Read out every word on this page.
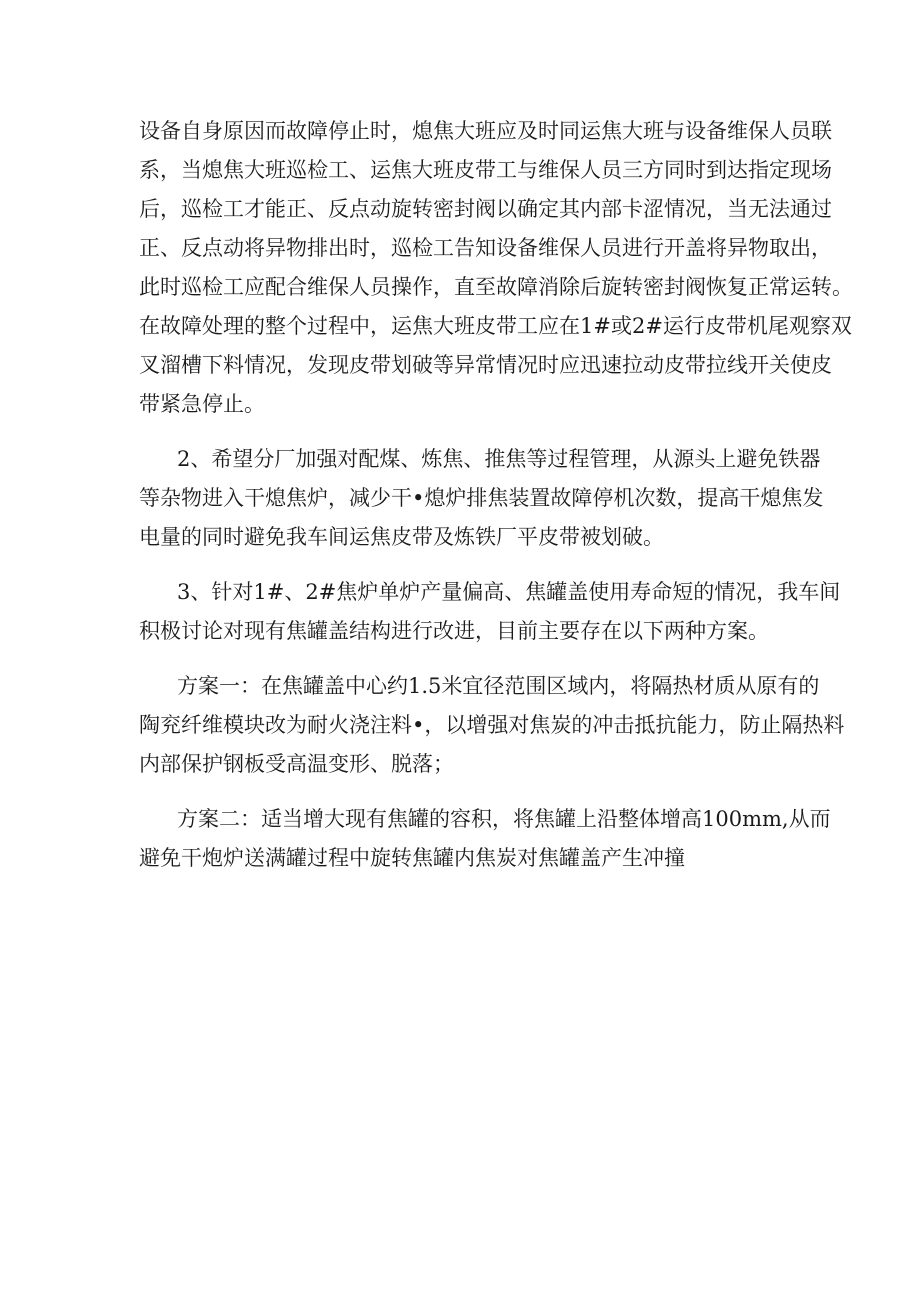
设备自身原因而故障停止时，熄焦大班应及时同运焦大班与设备维保人员联
系，当熄焦大班巡检工、运焦大班皮带工与维保人员三方同时到达指定现场
后，巡检工才能正、反点动旋转密封阀以确定其内部卡涩情况，当无法通过
正、反点动将异物排出时，巡检工告知设备维保人员进行开盖将异物取出，
此时巡检工应配合维保人员操作，直至故障消除后旋转密封阀恢复正常运转。
在故障处理的整个过程中，运焦大班皮带工应在1#或2#运行皮带机尾观察双
叉溜槽下料情况，发现皮带划破等异常情况时应迅速拉动皮带拉线开关使皮
带紧急停止。
2、希望分厂加强对配煤、炼焦、推焦等过程管理，从源头上避免铁器
等杂物进入干熄焦炉，减少干•熄炉排焦装置故障停机次数，提高干熄焦发
电量的同时避免我车间运焦皮带及炼铁厂平皮带被划破。
3、针对1#、2#焦炉单炉产量偏高、焦罐盖使用寿命短的情况，我车间
积极讨论对现有焦罐盖结构进行改进，目前主要存在以下两种方案。
方案一：在焦罐盖中心约1.5米宜径范围区域内，将隔热材质从原有的
陶兖纤维模块改为耐火浇注料•，以增强对焦炭的冲击抵抗能力，防止隔热料
内部保护钢板受高温变形、脱落；
方案二：适当增大现有焦罐的容积，将焦罐上沿整体增高100mm,从而
避免干炮炉送满罐过程中旋转焦罐内焦炭对焦罐盖产生冲撞
